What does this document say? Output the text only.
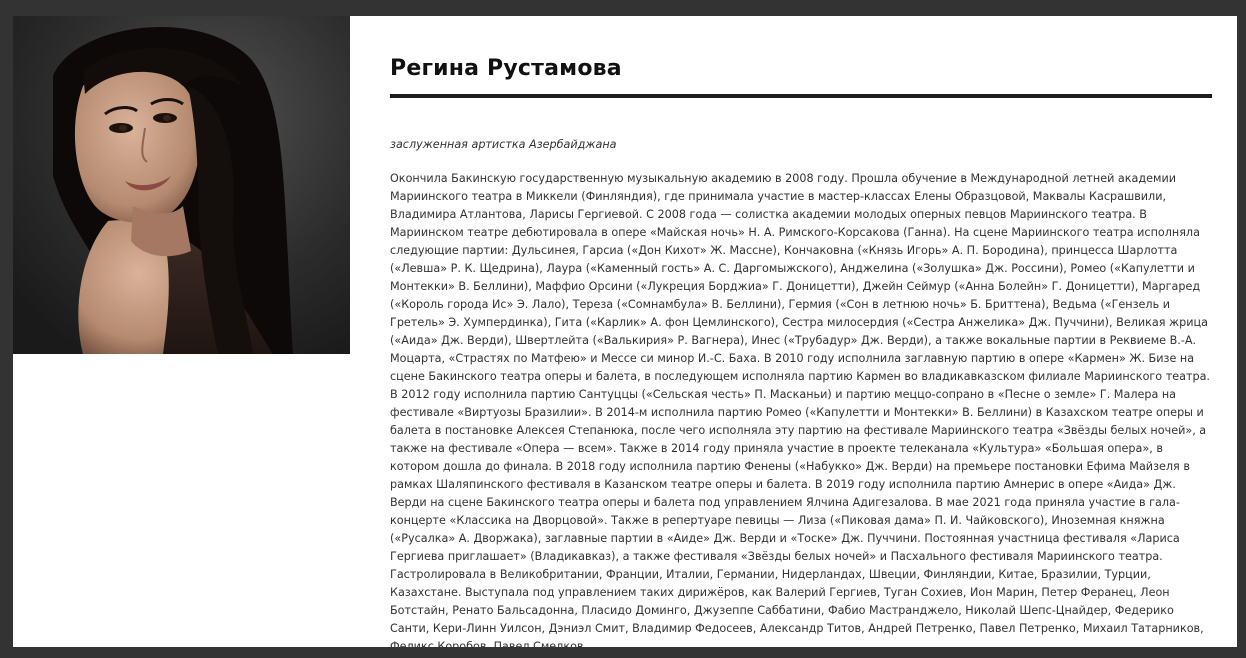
Регина Рустамова

заслуженная артистка Азербайджана

Окончила Бакинскую государственную музыкальную академию в 2008 году. Прошла обучение в Международной летней академии Мариинского театра в Миккели (Финляндия), где принимала участие в мастер-классах Елены Образцовой, Маквалы Касрашвили, Владимира Атлантова, Ларисы Гергиевой. С 2008 года — солистка академии молодых оперных певцов Мариинского театра. В Мариинском театре дебютировала в опере «Майская ночь» Н. А. Римского-Корсакова (Ганна). На сцене Мариинского театра исполняла следующие партии: Дульсинея, Гарсиа («Дон Кихот» Ж. Массне), Кончаковна («Князь Игорь» А. П. Бородина), принцесса Шарлотта («Левша» Р. К. Щедрина), Лаура («Каменный гость» А. С. Даргомыжского), Анджелина («Золушка» Дж. Россини), Ромео («Капулетти и Монтекки» В. Беллини), Маффио Орсини («Лукреция Борджиа» Г. Доницетти), Джейн Сеймур («Анна Болейн» Г. Доницетти), Маргаред («Король города Ис» Э. Лало), Тереза («Сомнамбула» В. Беллини), Гермия («Сон в летнюю ночь» Б. Бриттена), Ведьма («Гензель и Гретель» Э. Хумпердинка), Гита («Карлик» А. фон Цемлинского), Сестра милосердия («Сестра Анжелика» Дж. Пуччини), Великая жрица («Аида» Дж. Верди), Швертлейта («Валькирия» Р. Вагнера), Инес («Трубадур» Дж. Верди), а также вокальные партии в Реквиеме В.-А. Моцарта, «Страстях по Матфею» и Мессе си минор И.-С. Баха. В 2010 году исполнила заглавную партию в опере «Кармен» Ж. Бизе на сцене Бакинского театра оперы и балета, в последующем исполняла партию Кармен во владикавказском филиале Мариинского театра. В 2012 году исполнила партию Сантуццы («Сельская честь» П. Масканьи) и партию меццо-сопрано в «Песне о земле» Г. Малера на фестивале «Виртуозы Бразилии». В 2014-м исполнила партию Ромео («Капулетти и Монтекки» В. Беллини) в Казахском театре оперы и балета в постановке Алексея Степанюка, после чего исполняла эту партию на фестивале Мариинского театра «Звёзды белых ночей», а также на фестивале «Опера — всем». Также в 2014 году приняла участие в проекте телеканала «Культура» «Большая опера», в котором дошла до финала. В 2018 году исполнила партию Фенены («Набукко» Дж. Верди) на премьере постановки Ефима Майзеля в рамках Шаляпинского фестиваля в Казанском театре оперы и балета. В 2019 году исполнила партию Амнерис в опере «Аида» Дж. Верди на сцене Бакинского театра оперы и балета под управлением Ялчина Адигезалова. В мае 2021 года приняла участие в гала-концерте «Классика на Дворцовой». Также в репертуаре певицы — Лиза («Пиковая дама» П. И. Чайковского), Иноземная княжна («Русалка» А. Дворжака), заглавные партии в «Аиде» Дж. Верди и «Тоске» Дж. Пуччини. Постоянная участница фестиваля «Лариса Гергиева приглашает» (Владикавказ), а также фестиваля «Звёзды белых ночей» и Пасхального фестиваля Мариинского театра. Гастролировала в Великобритании, Франции, Италии, Германии, Нидерландах, Швеции, Финляндии, Китае, Бразилии, Турции, Казахстане. Выступала под управлением таких дирижёров, как Валерий Гергиев, Туган Сохиев, Ион Марин, Петер Феранец, Леон Ботстайн, Ренато Бальсадонна, Пласидо Доминго, Джузеппе Саббатини, Фабио Мастранджело, Николай Шепс-Цнайдер, Федерико Санти, Кери-Линн Уилсон, Дэниэл Смит, Владимир Федосеев, Александр Титов, Андрей Петренко, Павел Петренко, Михаил Татарников, Феликс Коробов, Павел Смелков.
